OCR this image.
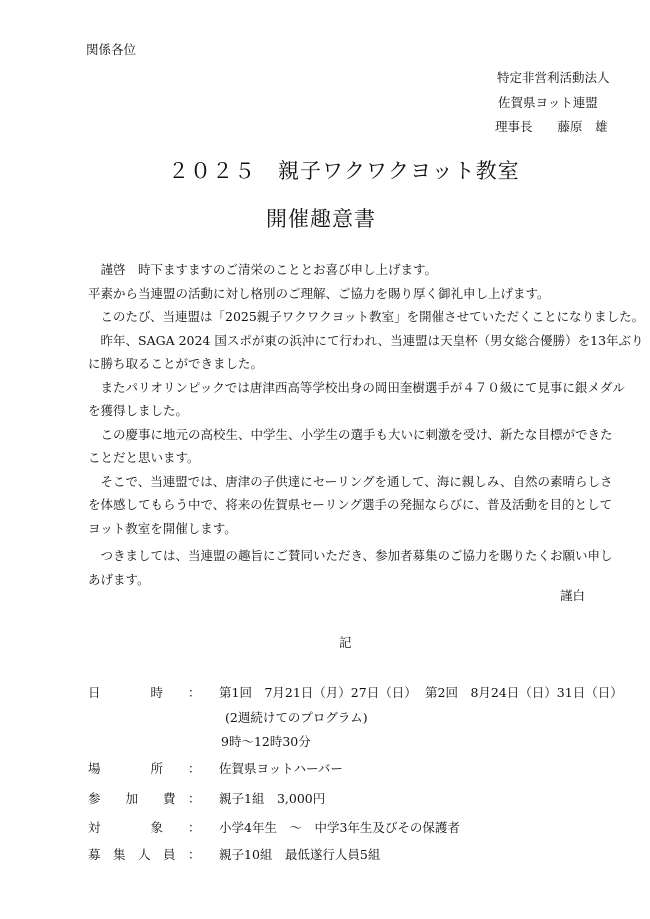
関係各位
特定非営利活動法人
佐賀県ヨット連盟
理事長　　藤原　雄
２０２５　親子ワクワクヨット教室
開催趣意書

　謹啓　時下ますますのご清栄のこととお喜び申し上げます。

平素から当連盟の活動に対し格別のご理解、ご協力を賜り厚く御礼申し上げます。

　このたび、当連盟は「2025親子ワクワクヨット教室」を開催させていただくことになりました。

　昨年、SAGA 2024 国スポが東の浜沖にて行われ、当連盟は天皇杯（男女総合優勝）を13年ぶり

に勝ち取ることができました。

　またパリオリンピックでは唐津西高等学校出身の岡田奎樹選手が４７０級にて見事に銀メダル

を獲得しました。

　この慶事に地元の高校生、中学生、小学生の選手も大いに刺激を受け、新たな目標ができた

ことだと思います。

　そこで、当連盟では、唐津の子供達にセーリングを通して、海に親しみ、自然の素晴らしさ

を体感してもらう中で、将来の佐賀県セーリング選手の発掘ならびに、普及活動を目的として

ヨット教室を開催します。

　つきましては、当連盟の趣旨にご賛同いただき、参加者募集のご協力を賜りたくお願い申し

あげます。

謹白
記
日　　　　時 ： 第1回　7月21日（月）27日（日） 第2回　8月24日（日）31日（日）
(2週続けてのプログラム)
9時～12時30分
場　　　　所 ： 佐賀県ヨットハーバー
参　　加　　費 ： 親子1組　3,000円
対　　　　象 ： 小学4年生　～　中学3年生及びその保護者
募　集　人　員 ： 親子10組　最低遂行人員5組
